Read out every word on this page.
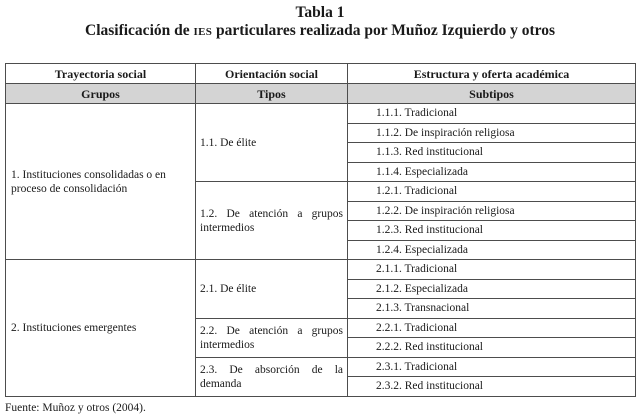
Tabla 1
Clasificación de IES particulares realizada por Muñoz Izquierdo y otros
Trayectoria social	Orientación social	Estructura y oferta académica
Grupos	Tipos	Subtipos
1. Instituciones consolidadas o en proceso de consolidación	1.1. De élite	1.1.1. Tradicional
		1.1.2. De inspiración religiosa
		1.1.3. Red institucional
		1.1.4. Especializada
	1.2. De atención a grupos intermedios	1.2.1. Tradicional
		1.2.2. De inspiración religiosa
		1.2.3. Red institucional
		1.2.4. Especializada
2. Instituciones emergentes	2.1. De élite	2.1.1. Tradicional
		2.1.2. Especializada
		2.1.3. Transnacional
	2.2. De atención a grupos intermedios	2.2.1. Tradicional
		2.2.2. Red institucional
	2.3. De absorción de la demanda	2.3.1. Tradicional
		2.3.2. Red institucional
Fuente: Muñoz y otros (2004).
